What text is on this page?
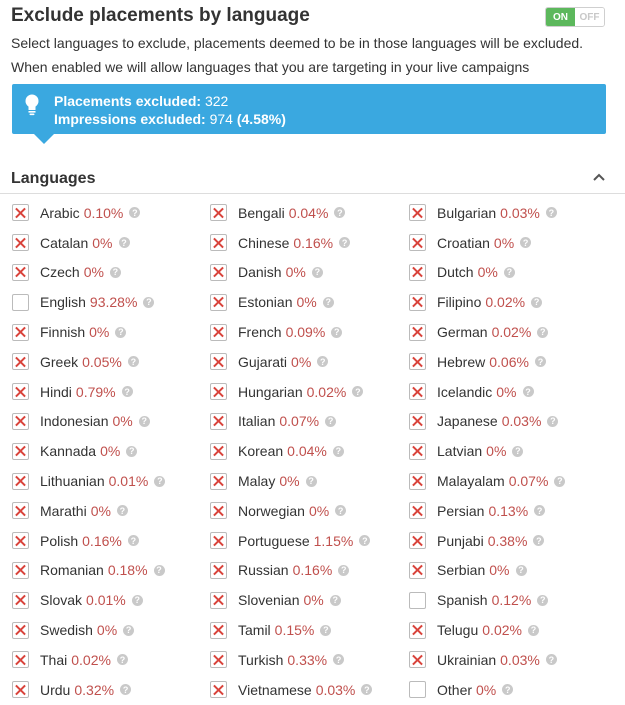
Exclude placements by language	ON	OFF
Select languages to exclude, placements deemed to be in those languages will be excluded.
When enabled we will allow languages that you are targeting in your live campaigns
Placements excluded: 322
Impressions excluded: 974 (4.58%)
Languages
Arabic 0.10% ?	Bengali 0.04% ?	Bulgarian 0.03% ?
Catalan 0% ?	Chinese 0.16% ?	Croatian 0% ?
Czech 0% ?	Danish 0% ?	Dutch 0% ?
English 93.28% ?	Estonian 0% ?	Filipino 0.02% ?
Finnish 0% ?	French 0.09% ?	German 0.02% ?
Greek 0.05% ?	Gujarati 0% ?	Hebrew 0.06% ?
Hindi 0.79% ?	Hungarian 0.02% ?	Icelandic 0% ?
Indonesian 0% ?	Italian 0.07% ?	Japanese 0.03% ?
Kannada 0% ?	Korean 0.04% ?	Latvian 0% ?
Lithuanian 0.01% ?	Malay 0% ?	Malayalam 0.07% ?
Marathi 0% ?	Norwegian 0% ?	Persian 0.13% ?
Polish 0.16% ?	Portuguese 1.15% ?	Punjabi 0.38% ?
Romanian 0.18% ?	Russian 0.16% ?	Serbian 0% ?
Slovak 0.01% ?	Slovenian 0% ?	Spanish 0.12% ?
Swedish 0% ?	Tamil 0.15% ?	Telugu 0.02% ?
Thai 0.02% ?	Turkish 0.33% ?	Ukrainian 0.03% ?
Urdu 0.32% ?	Vietnamese 0.03% ?	Other 0% ?
